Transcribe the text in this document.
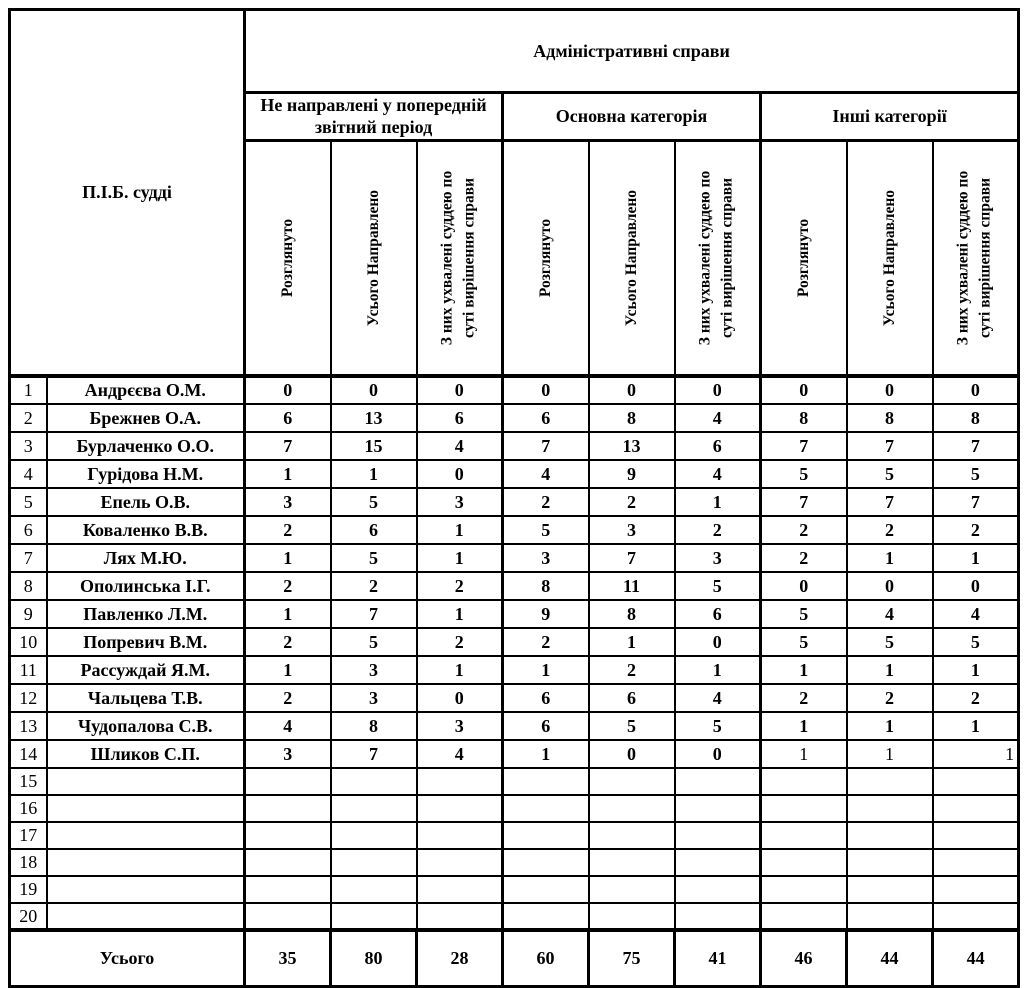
П.І.Б. судді		Адміністративні справи								

		Не направлені у попередній звітний період			Основна категорія			Інші категорії		

		Розглянуто	Усього Направлено	З них ухвалені суддею по суті вирішення справи	Розглянуто	Усього Направлено	З них ухвалені суддею по суті вирішення справи	Розглянуто	Усього Направлено	З них ухвалені суддею по суті вирішення справи

1	Андрєєва О.М.	0	0	0	0	0	0	0	0	0
2	Брежнев О.А.	6	13	6	6	8	4	8	8	8
3	Бурлаченко О.О.	7	15	4	7	13	6	7	7	7
4	Гурідова Н.М.	1	1	0	4	9	4	5	5	5
5	Епель О.В.	3	5	3	2	2	1	7	7	7
6	Коваленко В.В.	2	6	1	5	3	2	2	2	2
7	Лях М.Ю.	1	5	1	3	7	3	2	1	1
8	Ополинська І.Г.	2	2	2	8	11	5	0	0	0
9	Павленко Л.М.	1	7	1	9	8	6	5	4	4
10	Попревич В.М.	2	5	2	2	1	0	5	5	5
11	Рассуждай Я.М.	1	3	1	1	2	1	1	1	1
12	Чальцева Т.В.	2	3	0	6	6	4	2	2	2
13	Чудопалова С.В.	4	8	3	6	5	5	1	1	1
14	Шликов С.П.	3	7	4	1	0	0	1	1	1
15										
16										
17										
18										
19										
20										
Усього		35	80	28	60	75	41	46	44	44
